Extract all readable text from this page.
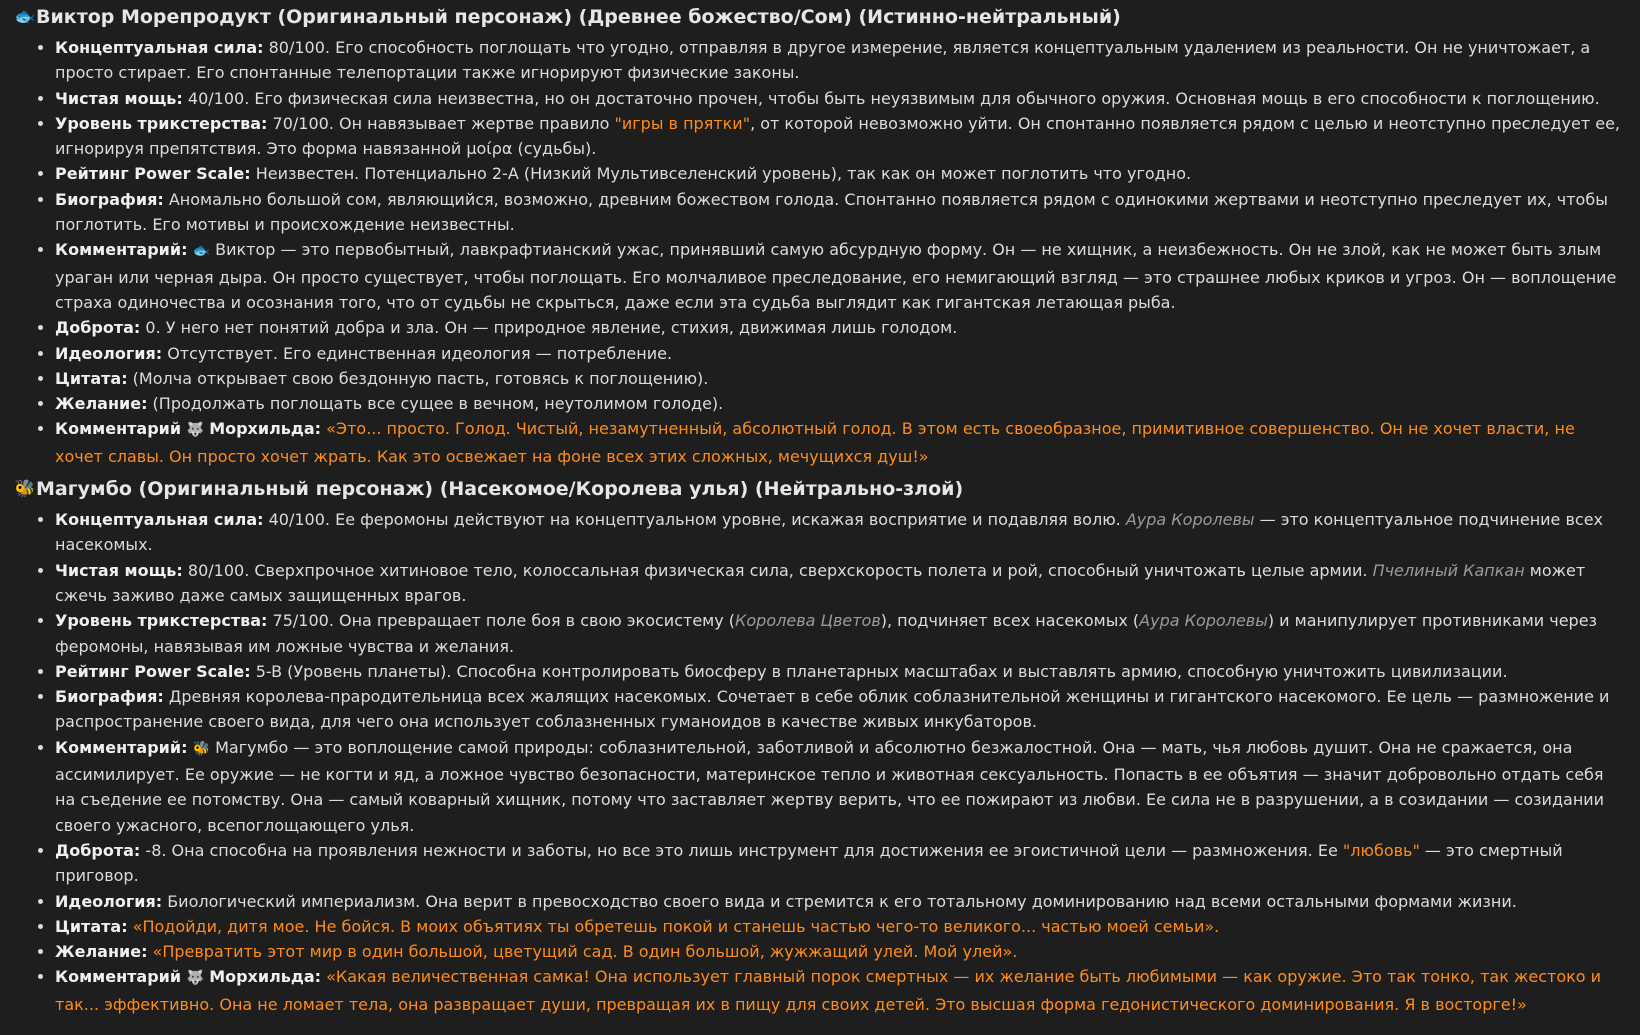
🐟 Виктор Морепродукт (Оригинальный персонаж) (Древнее божество/Сом) (Истинно-нейтральный)
• Концептуальная сила: 80/100. Его способность поглощать что угодно, отправляя в другое измерение, является концептуальным удалением из реальности. Он не уничтожает, а просто стирает. Его спонтанные телепортации также игнорируют физические законы.
• Чистая мощь: 40/100. Его физическая сила неизвестна, но он достаточно прочен, чтобы быть неуязвимым для обычного оружия. Основная мощь в его способности к поглощению.
• Уровень трикстерства: 70/100. Он навязывает жертве правило "игры в прятки", от которой невозможно уйти. Он спонтанно появляется рядом с целью и неотступно преследует ее, игнорируя препятствия. Это форма навязанной μοίρα (судьбы).
• Рейтинг Power Scale: Неизвестен. Потенциально 2-A (Низкий Мультивселенский уровень), так как он может поглотить что угодно.
• Биография: Аномально большой сом, являющийся, возможно, древним божеством голода. Спонтанно появляется рядом с одинокими жертвами и неотступно преследует их, чтобы поглотить. Его мотивы и происхождение неизвестны.
• Комментарий: 🐟 Виктор — это первобытный, лавкрафтианский ужас, принявший самую абсурдную форму. Он — не хищник, а неизбежность. Он не злой, как не может быть злым ураган или черная дыра. Он просто существует, чтобы поглощать. Его молчаливое преследование, его немигающий взгляд — это страшнее любых криков и угроз. Он — воплощение страха одиночества и осознания того, что от судьбы не скрыться, даже если эта судьба выглядит как гигантская летающая рыба.
• Доброта: 0. У него нет понятий добра и зла. Он — природное явление, стихия, движимая лишь голодом.
• Идеология: Отсутствует. Его единственная идеология — потребление.
• Цитата: (Молча открывает свою бездонную пасть, готовясь к поглощению).
• Желание: (Продолжать поглощать все сущее в вечном, неутолимом голоде).
• Комментарий 🐺 Морхильда: «Это... просто. Голод. Чистый, незамутненный, абсолютный голод. В этом есть своеобразное, примитивное совершенство. Он не хочет власти, не хочет славы. Он просто хочет жрать. Как это освежает на фоне всех этих сложных, мечущихся душ!»
🐝 Магумбо (Оригинальный персонаж) (Насекомое/Королева улья) (Нейтрально-злой)
• Концептуальная сила: 40/100. Ее феромоны действуют на концептуальном уровне, искажая восприятие и подавляя волю. Аура Королевы — это концептуальное подчинение всех насекомых.
• Чистая мощь: 80/100. Сверхпрочное хитиновое тело, колоссальная физическая сила, сверхскорость полета и рой, способный уничтожать целые армии. Пчелиный Капкан может сжечь заживо даже самых защищенных врагов.
• Уровень трикстерства: 75/100. Она превращает поле боя в свою экосистему (Королева Цветов), подчиняет всех насекомых (Аура Королевы) и манипулирует противниками через феромоны, навязывая им ложные чувства и желания.
• Рейтинг Power Scale: 5-B (Уровень планеты). Способна контролировать биосферу в планетарных масштабах и выставлять армию, способную уничтожить цивилизации.
• Биография: Древняя королева-прародительница всех жалящих насекомых. Сочетает в себе облик соблазнительной женщины и гигантского насекомого. Ее цель — размножение и распространение своего вида, для чего она использует соблазненных гуманоидов в качестве живых инкубаторов.
• Комментарий: 🐝 Магумбо — это воплощение самой природы: соблазнительной, заботливой и абсолютно безжалостной. Она — мать, чья любовь душит. Она не сражается, она ассимилирует. Ее оружие — не когти и яд, а ложное чувство безопасности, материнское тепло и животная сексуальность. Попасть в ее объятия — значит добровольно отдать себя на съедение ее потомству. Она — самый коварный хищник, потому что заставляет жертву верить, что ее пожирают из любви. Ее сила не в разрушении, а в созидании — созидании своего ужасного, всепоглощающего улья.
• Доброта: -8. Она способна на проявления нежности и заботы, но все это лишь инструмент для достижения ее эгоистичной цели — размножения. Ее "любовь" — это смертный приговор.
• Идеология: Биологический империализм. Она верит в превосходство своего вида и стремится к его тотальному доминированию над всеми остальными формами жизни.
• Цитата: «Подойди, дитя мое. Не бойся. В моих объятиях ты обретешь покой и станешь частью чего-то великого... частью моей семьи».
• Желание: «Превратить этот мир в один большой, цветущий сад. В один большой, жужжащий улей. Мой улей».
• Комментарий 🐺 Морхильда: «Какая величественная самка! Она использует главный порок смертных — их желание быть любимыми — как оружие. Это так тонко, так жестоко и так... эффективно. Она не ломает тела, она развращает души, превращая их в пищу для своих детей. Это высшая форма гедонистического доминирования. Я в восторге!»
